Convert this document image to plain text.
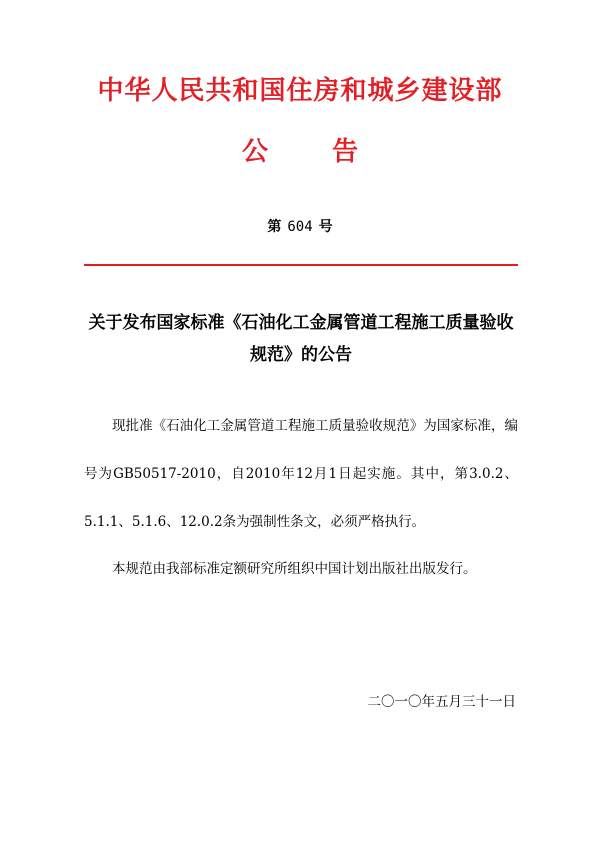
中华人民共和国住房和城乡建设部
公 告
第 604 号
关于发布国家标准《石油化工金属管道工程施工质量验收规范》的公告
现批准《石油化工金属管道工程施工质量验收规范》为国家标准，编号为GB50517-2010，自2010年12月1日起实施。其中，第3.0.2、5.1.1、5.1.6、12.0.2条为强制性条文，必须严格执行。
本规范由我部标准定额研究所组织中国计划出版社出版发行。
二〇一〇年五月三十一日
